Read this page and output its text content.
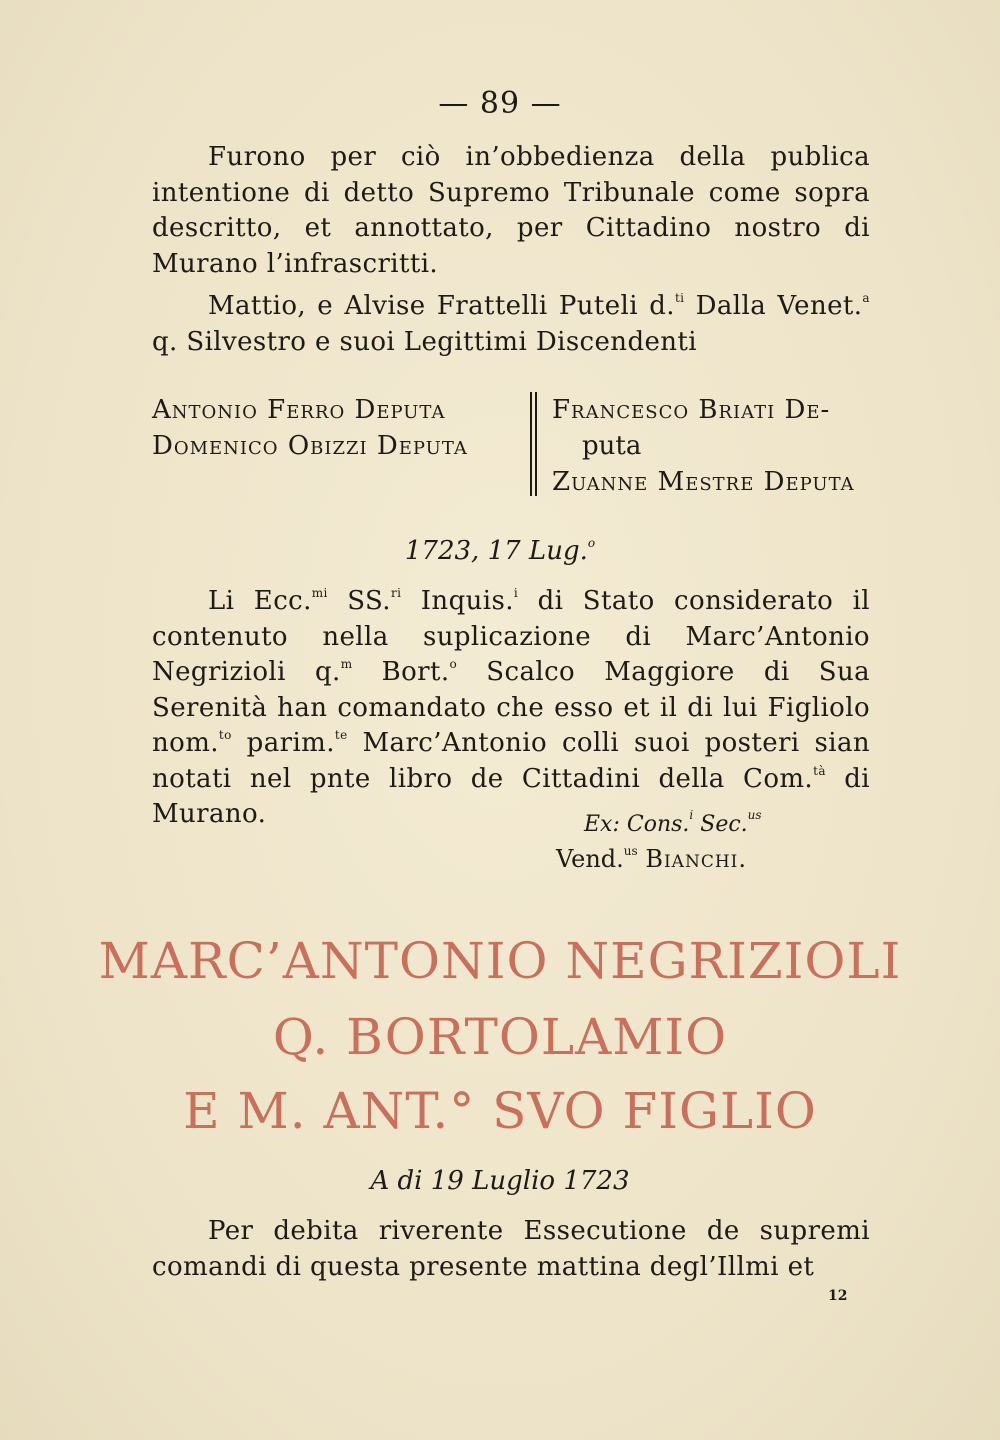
— 89 —
Furono per ciò in’obbedienza della publica intentione di detto Supremo Tribunale come sopra descritto, et annottato, per Cittadino nostro di Murano l’infrascritti.
Mattio, e Alvise Frattelli Puteli d.$^{ti}$ Dalla Venet.$^a$ q. Silvestro e suoi Legittimi Discendenti
Antonio Ferro Deputa
Domenico Obizzi Deputa
Francesco Briati De-
puta
Zuanne Mestre Deputa
1723, 17 Lug.$^o$
Li Ecc.$^{mi}$ SS.$^{ri}$ Inquis.$^i$ di Stato considerato il contenuto nella suplicazione di Marc’Antonio Negrizioli q.$^m$ Bort.$^o$ Scalco Maggiore di Sua Serenità han comandato che esso et il di lui Figliolo nom.$^{to}$ parim.$^{te}$ Marc’Antonio colli suoi posteri sian notati nel pnte libro de Cittadini della Com.$^{tà}$ di Murano.	Ex: Cons.$^i$ Sec.$^{us}$
Vend.$^{us}$ Bianchi.
MARC’ANTONIO NEGRIZIOLI
Q. BORTOLAMIO
E M. ANT.° SVO FIGLIO
A di 19 Luglio 1723
Per debita riverente Essecutione de supremi comandi di questa presente mattina degl’Illmi et
12
